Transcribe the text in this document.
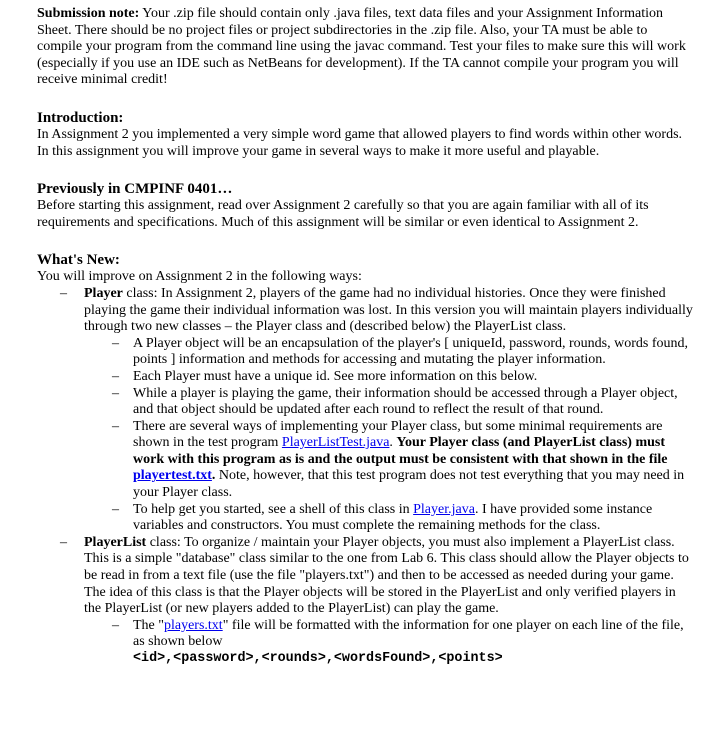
Submission note: Your .zip file should contain only .java files, text data files and your Assignment Information Sheet. There should be no project files or project subdirectories in the .zip file. Also, your TA must be able to compile your program from the command line using the javac command. Test your files to make sure this will work (especially if you use an IDE such as NetBeans for development). If the TA cannot compile your program you will receive minimal credit!

Introduction:

In Assignment 2 you implemented a very simple word game that allowed players to find words within other words. In this assignment you will improve your game in several ways to make it more useful and playable.

Previously in CMPINF 0401…

Before starting this assignment, read over Assignment 2 carefully so that you are again familiar with all of its requirements and specifications. Much of this assignment will be similar or even identical to Assignment 2.

What's New:

You will improve on Assignment 2 in the following ways:

– Player class: In Assignment 2, players of the game had no individual histories. Once they were finished playing the game their individual information was lost. In this version you will maintain players individually through two new classes – the Player class and (described below) the PlayerList class.

– A Player object will be an encapsulation of the player's [ uniqueId, password, rounds, words found, points ] information and methods for accessing and mutating the player information.

– Each Player must have a unique id. See more information on this below.

– While a player is playing the game, their information should be accessed through a Player object, and that object should be updated after each round to reflect the result of that round.

– There are several ways of implementing your Player class, but some minimal requirements are shown in the test program PlayerListTest.java. Your Player class (and PlayerList class) must work with this program as is and the output must be consistent with that shown in the file playertest.txt. Note, however, that this test program does not test everything that you may need in your Player class.

– To help get you started, see a shell of this class in Player.java. I have provided some instance variables and constructors. You must complete the remaining methods for the class.

– PlayerList class: To organize / maintain your Player objects, you must also implement a PlayerList class. This is a simple "database" class similar to the one from Lab 6. This class should allow the Player objects to be read in from a text file (use the file "players.txt") and then to be accessed as needed during your game. The idea of this class is that the Player objects will be stored in the PlayerList and only verified players in the PlayerList (or new players added to the PlayerList) can play the game.

– The "players.txt" file will be formatted with the information for one player on each line of the file, as shown below

<id>,<password>,<rounds>,<wordsFound>,<points>
